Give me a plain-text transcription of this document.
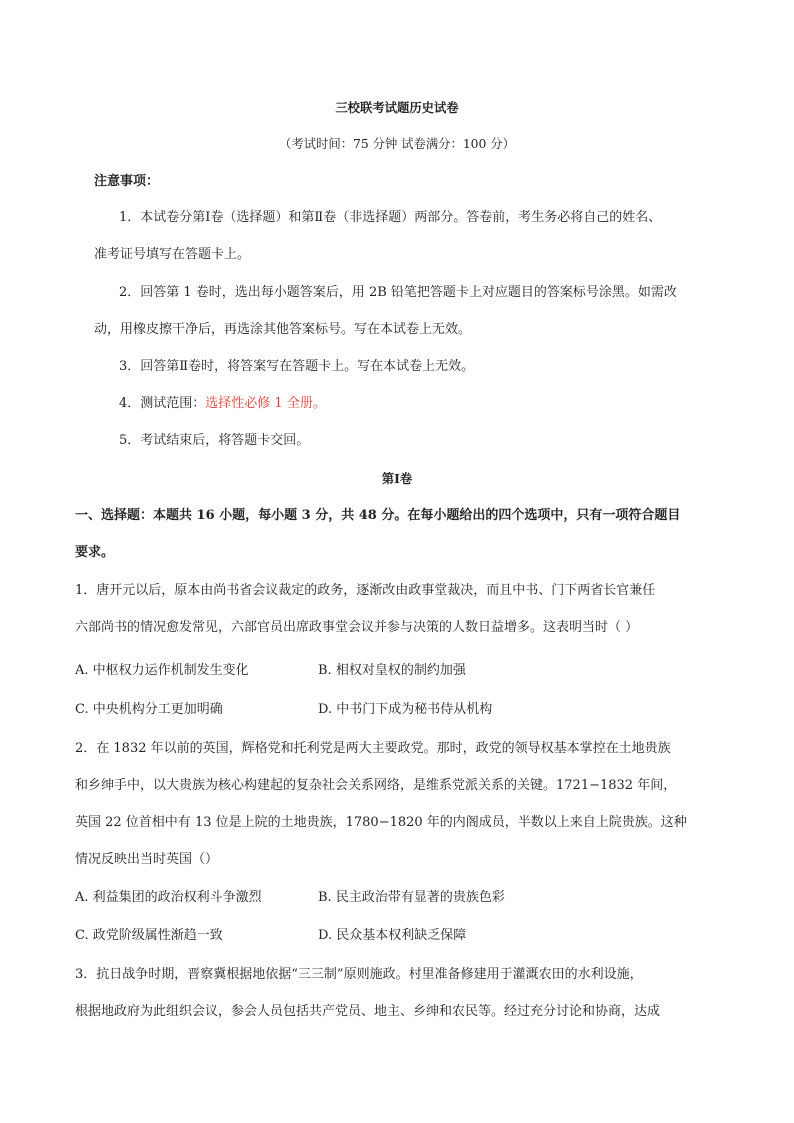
三校联考试题历史试卷
（考试时间：75 分钟 试卷满分：100 分）
注意事项：
1．本试卷分第Ⅰ卷（选择题）和第Ⅱ卷（非选择题）两部分。答卷前，考生务必将自己的姓名、
准考证号填写在答题卡上。
2．回答第 1 卷时，选出每小题答案后，用 2B 铅笔把答题卡上对应题目的答案标号涂黑。如需改
动，用橡皮擦干净后，再选涂其他答案标号。写在本试卷上无效。
3．回答第Ⅱ卷时，将答案写在答题卡上。写在本试卷上无效。
4．测试范围：选择性必修 1 全册。
5．考试结束后，将答题卡交回。
第Ⅰ卷
一、选择题：本题共 16 小题，每小题 3 分，共 48 分。在每小题给出的四个选项中，只有一项符合题目
要求。
1．唐开元以后，原本由尚书省会议裁定的政务，逐渐改由政事堂裁决，而且中书、门下两省长官兼任
六部尚书的情况愈发常见，六部官员出席政事堂会议并参与决策的人数日益增多。这表明当时（ ）
A. 中枢权力运作机制发生变化	B. 相权对皇权的制约加强
C. 中央机构分工更加明确	D. 中书门下成为秘书侍从机构
2．在 1832 年以前的英国，辉格党和托利党是两大主要政党。那时，政党的领导权基本掌控在土地贵族
和乡绅手中，以大贵族为核心构建起的复杂社会关系网络，是维系党派关系的关键。1721−1832 年间，
英国 22 位首相中有 13 位是上院的土地贵族，1780−1820 年的内阁成员，半数以上来自上院贵族。这种
情况反映出当时英国（）
A. 利益集团的政治权利斗争激烈	B. 民主政治带有显著的贵族色彩
C. 政党阶级属性渐趋一致	D. 民众基本权利缺乏保障
3．抗日战争时期，晋察冀根据地依据“三三制”原则施政。村里准备修建用于灌溉农田的水利设施，
根据地政府为此组织会议，参会人员包括共产党员、地主、乡绅和农民等。经过充分讨论和协商，达成
